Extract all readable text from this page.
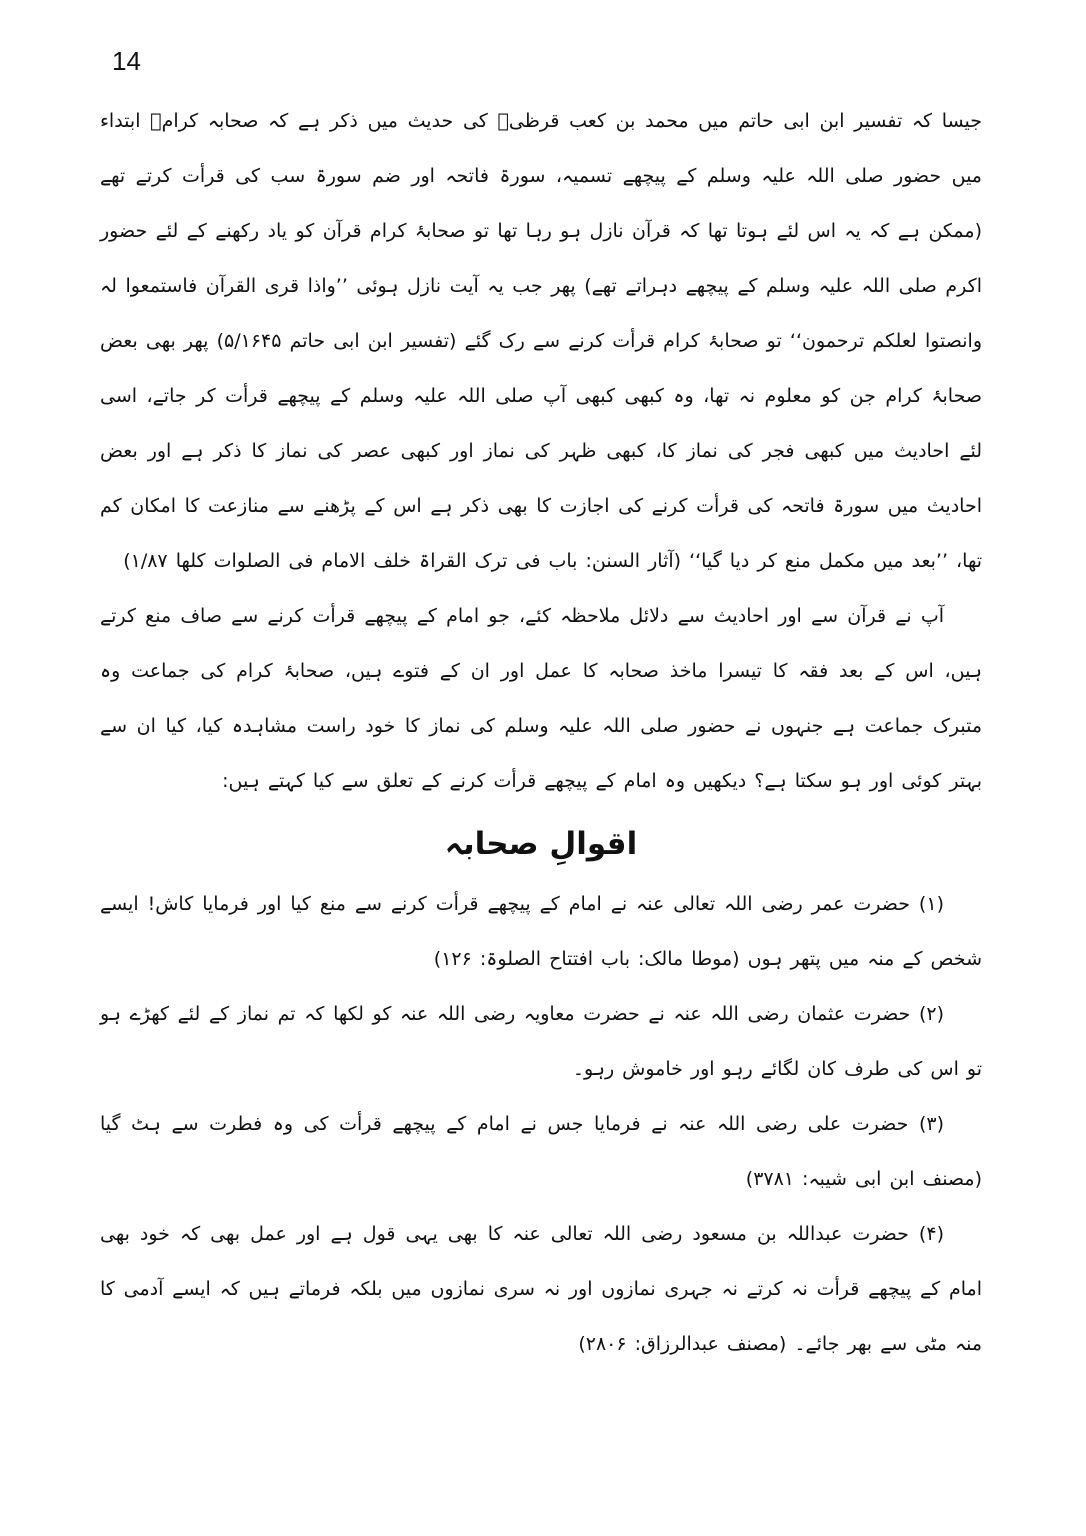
14

جیسا کہ تفسیر ابن ابی حاتم میں محمد بن کعب قرظیؒ کی حدیث میں ذکر ہے کہ صحابہ کرامؓ ابتداء میں حضور صلی اللہ علیہ وسلم کے پیچھے تسمیہ، سورۃ فاتحہ اور ضم سورۃ سب کی قرأت کرتے تھے (ممکن ہے کہ یہ اس لئے ہوتا تھا کہ قرآن نازل ہو رہا تھا تو صحابۂ کرام قرآن کو یاد رکھنے کے لئے حضور اکرم صلی اللہ علیہ وسلم کے پیچھے دہراتے تھے) پھر جب یہ آیت نازل ہوئی ’’واذا قری القرآن فاستمعوا لہ وانصتوا لعلکم ترحمون‘‘ تو صحابۂ کرام قرأت کرنے سے رک گئے (تفسیر ابن ابی حاتم ۵/۱۶۴۵) پھر بھی بعض صحابۂ کرام جن کو معلوم نہ تھا، وہ کبھی کبھی آپ صلی اللہ علیہ وسلم کے پیچھے قرأت کر جاتے، اسی لئے احادیث میں کبھی فجر کی نماز کا، کبھی ظہر کی نماز اور کبھی عصر کی نماز کا ذکر ہے اور بعض احادیث میں سورۃ فاتحہ کی قرأت کرنے کی اجازت کا بھی ذکر ہے اس کے پڑھنے سے منازعت کا امکان کم تھا، ’’بعد میں مکمل منع کر دیا گیا‘‘ (آثار السنن: باب فی ترک القراۃ خلف الامام فی الصلوات کلھا ۱/۸۷)

آپ نے قرآن سے اور احادیث سے دلائل ملاحظہ کئے، جو امام کے پیچھے قرأت کرنے سے صاف منع کرتے ہیں، اس کے بعد فقہ کا تیسرا ماخذ صحابہ کا عمل اور ان کے فتوے ہیں، صحابۂ کرام کی جماعت وہ متبرک جماعت ہے جنہوں نے حضور صلی اللہ علیہ وسلم کی نماز کا خود راست مشاہدہ کیا، کیا ان سے بہتر کوئی اور ہو سکتا ہے؟ دیکھیں وہ امام کے پیچھے قرأت کرنے کے تعلق سے کیا کہتے ہیں:

اقوالِ صحابہ

(۱) حضرت عمر رضی اللہ تعالی عنہ نے امام کے پیچھے قرأت کرنے سے منع کیا اور فرمایا کاش! ایسے شخص کے منہ میں پتھر ہوں (موطا مالک: باب افتتاح الصلوۃ: ۱۲۶)

(۲) حضرت عثمان رضی اللہ عنہ نے حضرت معاویہ رضی اللہ عنہ کو لکھا کہ تم نماز کے لئے کھڑے ہو تو اس کی طرف کان لگائے رہو اور خاموش رہو۔

(۳) حضرت علی رضی اللہ عنہ نے فرمایا جس نے امام کے پیچھے قرأت کی وہ فطرت سے ہٹ گیا (مصنف ابن ابی شیبہ: ۳۷۸۱)

(۴) حضرت عبداللہ بن مسعود رضی اللہ تعالی عنہ کا بھی یہی قول ہے اور عمل بھی کہ خود بھی امام کے پیچھے قرأت نہ کرتے نہ جہری نمازوں اور نہ سری نمازوں میں بلکہ فرماتے ہیں کہ ایسے آدمی کا منہ مٹی سے بھر جائے۔ (مصنف عبدالرزاق: ۲۸۰۶)
